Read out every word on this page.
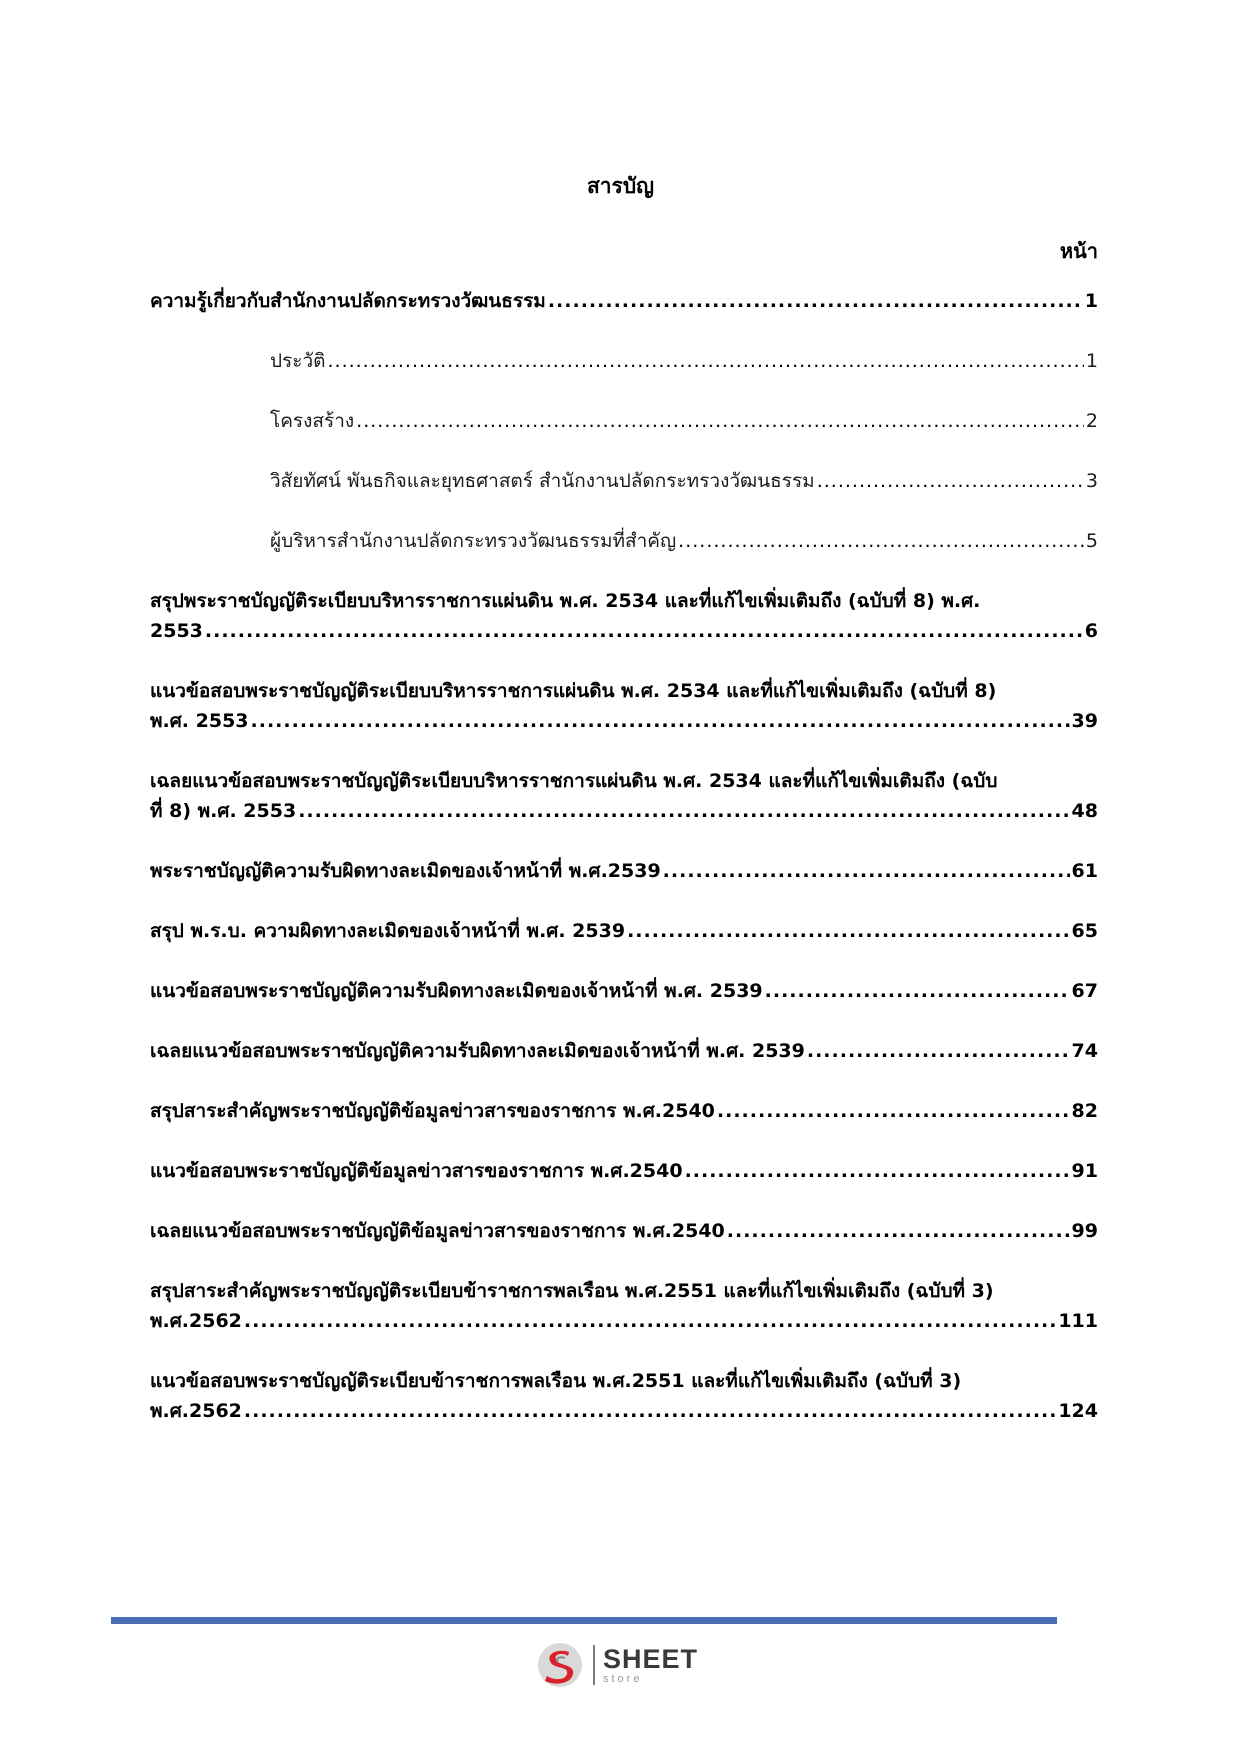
สารบัญ
หน้า
ความรู้เกี่ยวกับสำนักงานปลัดกระทรวงวัฒนธรรม .....	1
ประวัติ .....	1
โครงสร้าง .....	2
วิสัยทัศน์ พันธกิจและยุทธศาสตร์ สำนักงานปลัดกระทรวงวัฒนธรรม .....	3
ผู้บริหารสำนักงานปลัดกระทรวงวัฒนธรรมที่สำคัญ .....	5
สรุปพระราชบัญญัติระเบียบบริหารราชการแผ่นดิน พ.ศ. 2534 และที่แก้ไขเพิ่มเติมถึง (ฉบับที่ 8) พ.ศ.
2553 .....	6
แนวข้อสอบพระราชบัญญัติระเบียบบริหารราชการแผ่นดิน พ.ศ. 2534 และที่แก้ไขเพิ่มเติมถึง (ฉบับที่ 8)
พ.ศ. 2553 .....	39
เฉลยแนวข้อสอบพระราชบัญญัติระเบียบบริหารราชการแผ่นดิน พ.ศ. 2534 และที่แก้ไขเพิ่มเติมถึง (ฉบับ
ที่ 8) พ.ศ. 2553 .....	48
พระราชบัญญัติความรับผิดทางละเมิดของเจ้าหน้าที่ พ.ศ.2539 .....	61
สรุป พ.ร.บ. ความผิดทางละเมิดของเจ้าหน้าที่ พ.ศ. 2539 .....	65
แนวข้อสอบพระราชบัญญัติความรับผิดทางละเมิดของเจ้าหน้าที่ พ.ศ. 2539 .....	67
เฉลยแนวข้อสอบพระราชบัญญัติความรับผิดทางละเมิดของเจ้าหน้าที่ พ.ศ. 2539 .....	74
สรุปสาระสำคัญพระราชบัญญัติข้อมูลข่าวสารของราชการ พ.ศ.2540 .....	82
แนวข้อสอบพระราชบัญญัติข้อมูลข่าวสารของราชการ พ.ศ.2540 .....	91
เฉลยแนวข้อสอบพระราชบัญญัติข้อมูลข่าวสารของราชการ พ.ศ.2540 .....	99
สรุปสาระสำคัญพระราชบัญญัติระเบียบข้าราชการพลเรือน พ.ศ.2551 และที่แก้ไขเพิ่มเติมถึง (ฉบับที่ 3)
พ.ศ.2562 .....	111
แนวข้อสอบพระราชบัญญัติระเบียบข้าราชการพลเรือน พ.ศ.2551 และที่แก้ไขเพิ่มเติมถึง (ฉบับที่ 3)
พ.ศ.2562 .....	124
SHEET
store
